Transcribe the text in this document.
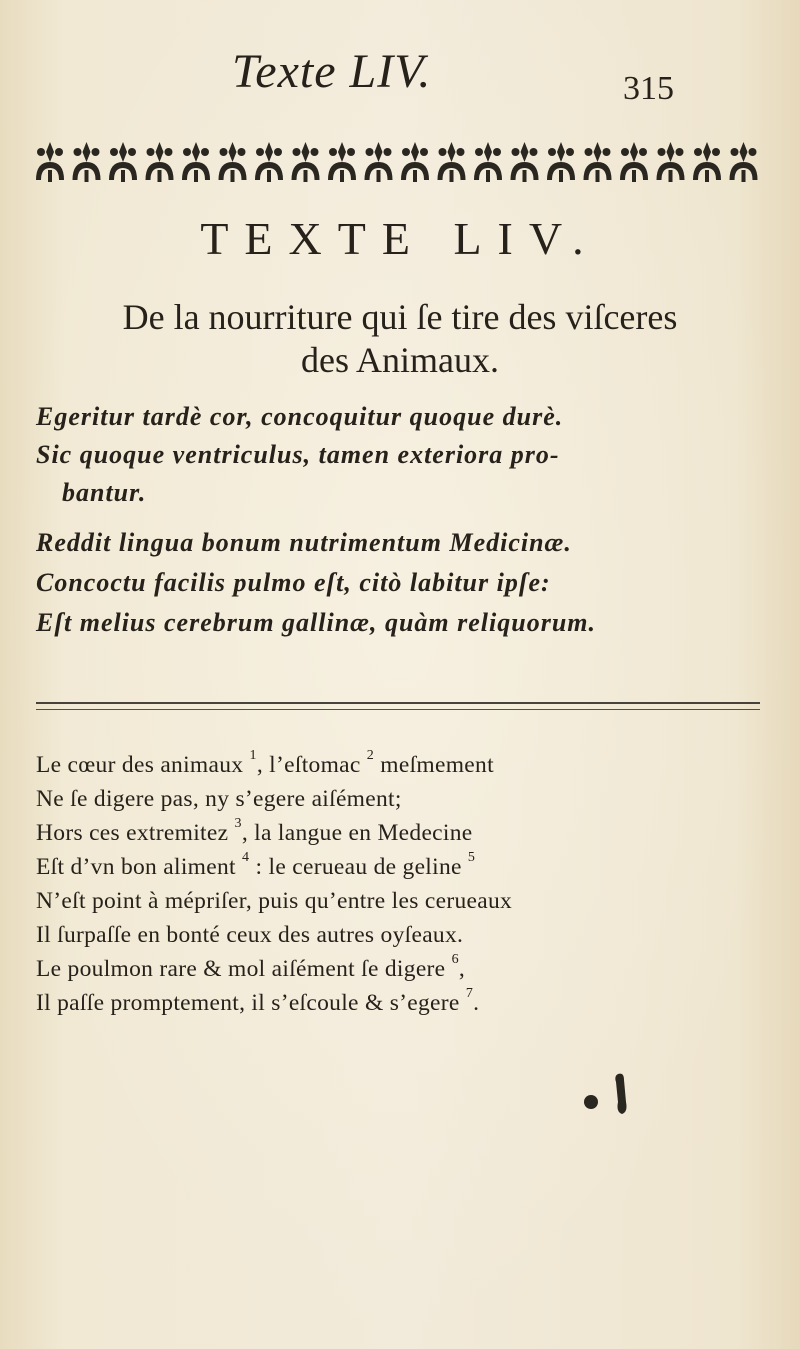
Texte LIV.	315
TEXTE LIV.
De la nourriture qui ſe tire des viſceres
des Animaux.
Egeritur tardè cor, concoquitur quoque durè.
Sic quoque ventriculus, tamen exteriora pro-
bantur.
Reddit lingua bonum nutrimentum Medicinæ.
Concoctu facilis pulmo eſt, citò labitur ipſe:
Eſt melius cerebrum gallinæ, quàm reliquorum.
Le cœur des animaux $^1$, l’eſtomac $^2$ meſmement
Ne ſe digere pas, ny s’egere aiſément;
Hors ces extremitez $^3$, la langue en Medecine
Eſt d’vn bon aliment $^4$ : le cerueau de geline $^5$
N’eſt point à mépriſer, puis qu’entre les cerueaux
Il ſurpaſſe en bonté ceux des autres oyſeaux.
Le poulmon rare & mol aiſément ſe digere $^6$,
Il paſſe promptement, il s’eſcoule & s’egere $^7$.
